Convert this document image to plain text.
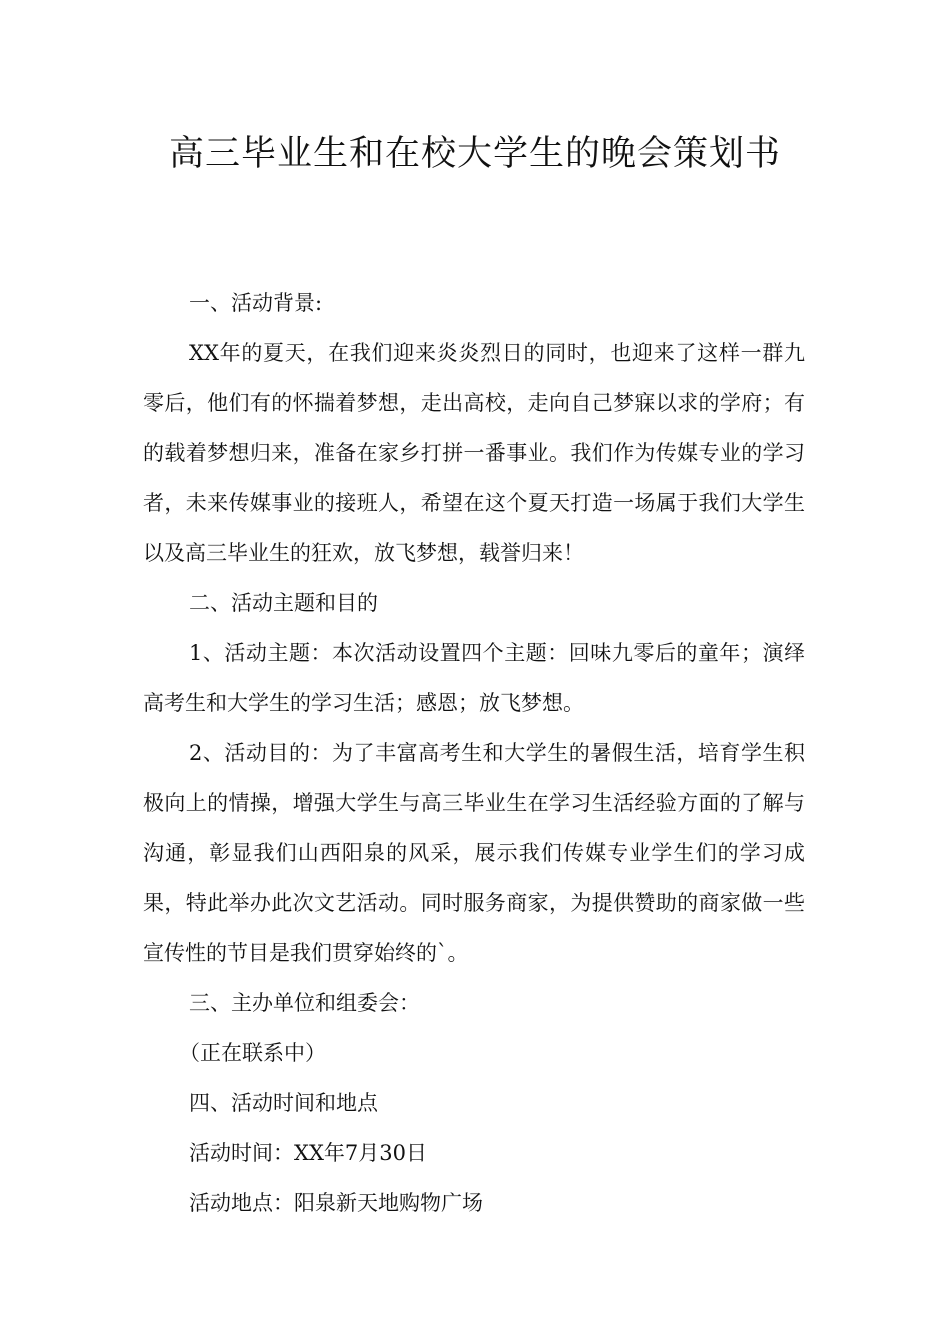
高三毕业生和在校大学生的晚会策划书

一、活动背景:

XX年的夏天，在我们迎来炎炎烈日的同时，也迎来了这样一群九零后，他们有的怀揣着梦想，走出高校，走向自己梦寐以求的学府；有的载着梦想归来，准备在家乡打拼一番事业。我们作为传媒专业的学习者，未来传媒事业的接班人，希望在这个夏天打造一场属于我们大学生以及高三毕业生的狂欢，放飞梦想，载誉归来！

二、活动主题和目的

1、活动主题：本次活动设置四个主题：回味九零后的童年；演绎高考生和大学生的学习生活；感恩；放飞梦想。

2、活动目的：为了丰富高考生和大学生的暑假生活，培育学生积极向上的情操，增强大学生与高三毕业生在学习生活经验方面的了解与沟通，彰显我们山西阳泉的风采，展示我们传媒专业学生们的学习成果，特此举办此次文艺活动。同时服务商家，为提供赞助的商家做一些宣传性的节目是我们贯穿始终的`。

三、主办单位和组委会：

（正在联系中）

四、活动时间和地点

活动时间：XX年7月30日

活动地点：阳泉新天地购物广场
